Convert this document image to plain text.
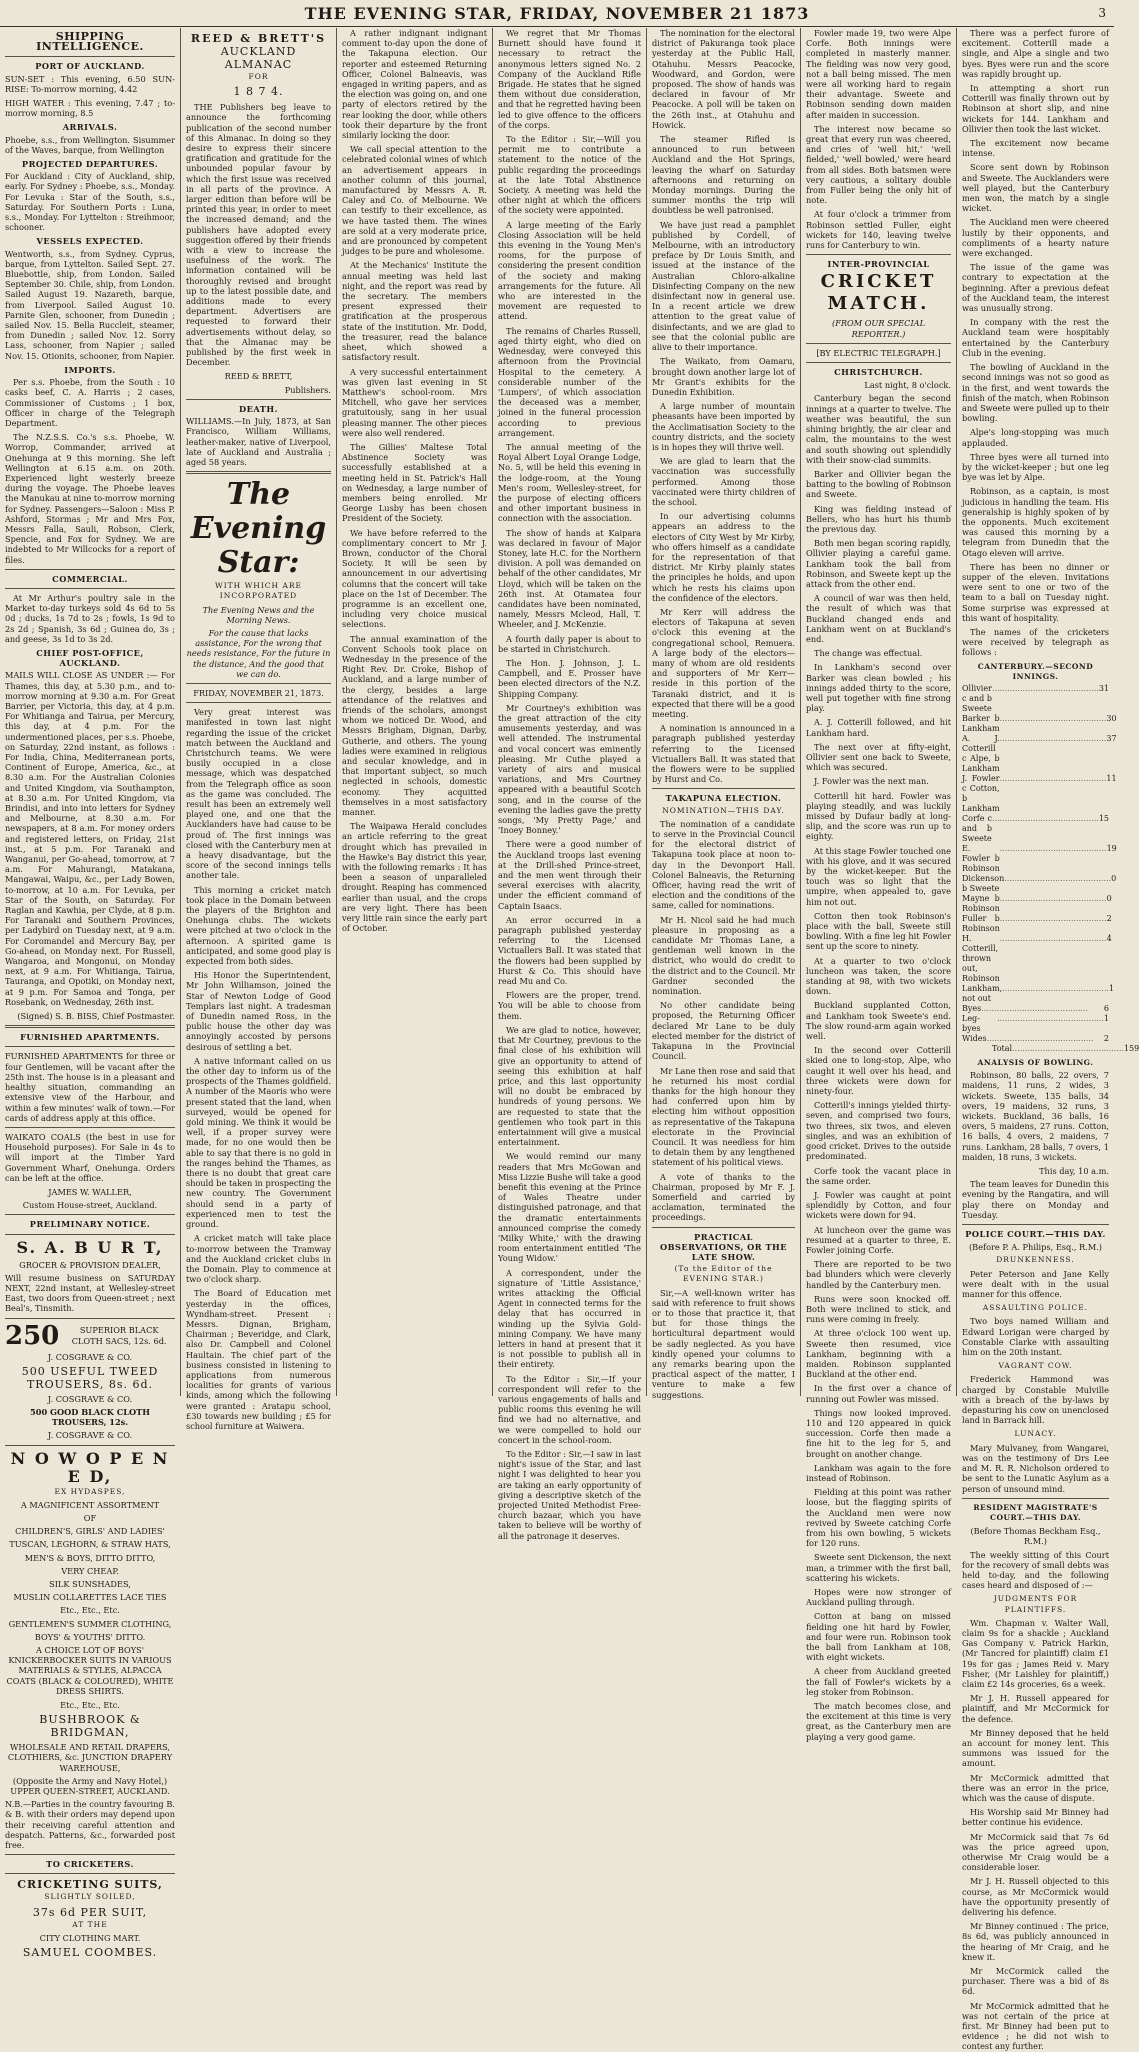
THE EVENING STAR, FRIDAY, NOVEMBER 21 1873	3
SHIPPING INTELLIGENCE.
PORT OF AUCKLAND.

SUN-SET : This evening, 6.50 SUN-RISE: To-morrow morning, 4.42

HIGH WATER : This evening, 7.47 ; to-morrow morning, 8.5

ARRIVALS.

Phoebe, s.s., from Wellington. Sisummer of the Waves, barque, from Wellington

PROJECTED DEPARTURES.

For Auckland : City of Auckland, ship, early. For Sydney : Phoebe, s.s., Monday. For Levuka : Star of the South, s.s., Saturday. For Southern Ports : Luna, s.s., Monday. For Lyttelton : Streihmoor, schooner.

VESSELS EXPECTED.

Wentworth, s.s., from Sydney. Cyprus, barque, from Lyttelton. Sailed Sept. 27. Bluebottle, ship, from London. Sailed September 30. Chile, ship, from London. Sailed August 19. Nazareth, barque, from Liverpool. Sailed August 10. Parnite Glen, schooner, from Dunedin ; sailed Nov. 15. Bella Ruccleit, steamer, from Dunedin ; sailed Nov. 12. Sorry Lass, schooner, from Napier ; sailed Nov. 15. Otionits, schooner, from Napier.

IMPORTS.

Per s.s. Phoebe, from the South : 10 casks beef, C. A. Harris ; 2 cases, Commissioner of Customs ; 1 box, Officer in charge of the Telegraph Department.

The N.Z.S.S. Co.'s s.s. Phoebe, W. Worrop, Commander, arrived at Onehunga at 9 this morning. She left Wellington at 6.15 a.m. on 20th. Experienced light westerly breeze during the voyage. The Phoebe leaves the Manukau at nine to-morrow morning for Sydney. Passengers—Saloon : Miss P. Ashford, Stormas ; Mr and Mrs Fox, Messrs Falla, Sauli, Robson, Clerk, Spencie, and Fox for Sydney. We are indebted to Mr Willcocks for a report of files.

COMMERCIAL.

At Mr Arthur's poultry sale in the Market to-day turkeys sold 4s 6d to 5s 0d ; ducks, 1s 7d to 2s ; fowls, 1s 9d to 2s 2d ; Spanish, 3s 6d ; Guinea do, 3s ; and geese, 3s 1d to 3s 2d.

CHIEF POST-OFFICE, AUCKLAND.

MAILS WILL CLOSE AS UNDER :— For Thames, this day, at 5.30 p.m., and to-morrow morning at 9.30 a.m. For Great Barrier, per Victoria, this day, at 4 p.m. For Whitianga and Tairua, per Mercury, this day, at 4 p.m. For the undermentioned places, per s.s. Phoebe, on Saturday, 22nd instant, as follows : For India, China, Mediterranean ports, Continent of Europe, America, &c., at 8.30 a.m. For the Australian Colonies and United Kingdom, via Southampton, at 8.30 a.m. For United Kingdom, via Brindisi, and into into letters for Sydney and Melbourne, at 8.30 a.m. For newspapers, at 8 a.m. For money orders and registered letters, on Friday, 21st inst., at 5 p.m. For Taranaki and Wanganui, per Go-ahead, tomorrow, at 7 a.m. For Mahurangi, Matakana, Mangawai, Waipu, &c., per Lady Bowen, to-morrow, at 10 a.m. For Levuka, per Star of the South, on Saturday. For Raglan and Kawhia, per Clyde, at 8 p.m. For Taranaki and Southern Provinces, per Ladybird on Tuesday next, at 9 a.m. For Coromandel and Mercury Bay, per Go-ahead, on Monday next. For Russell, Wangaroa, and Mongonui, on Monday next, at 9 a.m. For Whitianga, Tairua, Tauranga, and Opotiki, on Monday next, at 9 p.m. For Samoa and Tonga, per Rosebank, on Wednesday, 26th inst.

(Signed) S. B. BISS, Chief Postmaster.

FURNISHED APARTMENTS.

FURNISHED APARTMENTS for three or four Gentlemen, will be vacant after the 25th inst. The house is in a pleasant and healthy situation, commanding an extensive view of the Harbour, and within a few minutes' walk of town.—For cards of address apply at this office.

WAIKATO COALS (the best in use for Household purposes). For Sale in 4s to will import at the Timber Yard Government Wharf, Onehunga. Orders can be left at the office.

JAMES W. WALLER,
Custom House-street, Auckland.
PRELIMINARY NOTICE.
S. A. B U R T,
GROCER & PROVISION DEALER,

Will resume business on SATURDAY NEXT, 22nd instant, at Wellesley-street East, two doors from Queen-street ; next Beal's, Tinsmith.

250	SUPERIOR BLACK CLOTH SACS, 12s. 6d.
J. COSGRAVE & CO.
500 USEFUL TWEED TROUSERS, 8s. 6d.
J. COSGRAVE & CO.
500 GOOD BLACK CLOTH TROUSERS, 12s.
J. COSGRAVE & CO.
N O W O P E N E D,
EX HYDASPES,
A MAGNIFICENT ASSORTMENT
OF
CHILDREN'S, GIRLS' AND LADIES'
TUSCAN, LEGHORN, & STRAW HATS,
MEN'S & BOYS, DITTO DITTO,
VERY CHEAP.
SILK SUNSHADES,
MUSLIN COLLARETTES LACE TIES
Etc., Etc., Etc.
GENTLEMEN'S SUMMER CLOTHING,
BOYS' & YOUTHS' DITTO.

A CHOICE LOT OF BOYS' KNICKERBOCKER SUITS IN VARIOUS MATERIALS & STYLES, ALPACCA COATS (BLACK & COLOURED), WHITE DRESS SHIRTS.

Etc., Etc., Etc.
BUSHBROOK & BRIDGMAN,
WHOLESALE AND RETAIL DRAPERS, CLOTHIERS, &c. JUNCTION DRAPERY WAREHOUSE,
(Opposite the Army and Navy Hotel,) UPPER QUEEN-STREET, AUCKLAND.

N.B.—Parties in the country favouring B. & B. with their orders may depend upon their receiving careful attention and despatch. Patterns, &c., forwarded post free.

TO CRICKETERS.
CRICKETING SUITS,
SLIGHTLY SOILED,
37s 6d PER SUIT,
AT THE
CITY CLOTHING MART.
SAMUEL COOMBES.
REED & BRETT'S
AUCKLAND ALMANAC
FOR
1 8 7 4.

THE Publishers beg leave to announce the forthcoming publication of the second number of this Almanac. In doing so they desire to express their sincere gratification and gratitude for the unbounded popular favour by which the first issue was received in all parts of the province. A larger edition than before will be printed this year, in order to meet the increased demand; and the publishers have adopted every suggestion offered by their friends with a view to increase the usefulness of the work. The information contained will be thoroughly revised and brought up to the latest possible date, and additions made to every department. Advertisers are requested to forward their advertisements without delay, so that the Almanac may be published by the first week in December.

REED & BRETT,
Publishers.
DEATH.

WILLIAMS.—In July, 1873, at San Francisco, William Williams, leather-maker, native of Liverpool, late of Auckland and Australia ; aged 58 years.

The Evening Star:
WITH WHICH ARE INCORPORATED
The Evening News and the Morning News.

For the cause that lacks assistance, For the wrong that needs resistance, For the future in the distance, And the good that we can do.

FRIDAY, NOVEMBER 21, 1873.

Very great interest was manifested in town last night regarding the issue of the cricket match between the Auckland and Christchurch teams. We were busily occupied in a close message, which was despatched from the Telegraph office as soon as the game was concluded. The result has been an extremely well played one, and one that the Aucklanders have had cause to be proud of. The first innings was closed with the Canterbury men at a heavy disadvantage, but the score of the second innings tells another tale.

This morning a cricket match took place in the Domain between the players of the Brighton and Onehunga clubs. The wickets were pitched at two o'clock in the afternoon. A spirited game is anticipated, and some good play is expected from both sides.

His Honor the Superintendent, Mr John Williamson, joined the Star of Newton Lodge of Good Templars last night. A tradesman of Dunedin named Ross, in the public house the other day was annoyingly accosted by persons desirous of settling a bet.

A native informant called on us the other day to inform us of the prospects of the Thames goldfield. A number of the Maoris who were present stated that the land, when surveyed, would be opened for gold mining. We think it would be well, if a proper survey were made, for no one would then be able to say that there is no gold in the ranges behind the Thames, as there is no doubt that great care should be taken in prospecting the new country. The Government should send in a party of experienced men to test the ground.

A cricket match will take place to-morrow between the Tramway and the Auckland cricket clubs in the Domain. Play to commence at two o'clock sharp.

The Board of Education met yesterday in the offices, Wyndham-street. Present : Messrs. Dignan, Brigham, Chairman ; Beveridge, and Clark, also Dr. Campbell and Colonel Haultain. The chief part of the business consisted in listening to applications from numerous localities for grants of various kinds, among which the following were granted : Aratapu school, £30 towards new building ; £5 for school furniture at Waiwera.

A rather indignant indignant comment to-day upon the done of the Takapuna election. Our reporter and esteemed Returning Officer, Colonel Balneavis, was engaged in writing papers, and as the election was going on, and one party of electors retired by the rear looking the door, while others took their departure by the front similarly locking the door.

We call special attention to the celebrated colonial wines of which an advertisement appears in another column of this journal, manufactured by Messrs A. R. Caley and Co. of Melbourne. We can testify to their excellence, as we have tasted them. The wines are sold at a very moderate price, and are pronounced by competent judges to be pure and wholesome.

At the Mechanics' Institute the annual meeting was held last night, and the report was read by the secretary. The members present expressed their gratification at the prosperous state of the institution. Mr. Dodd, the treasurer, read the balance sheet, which showed a satisfactory result.

A very successful entertainment was given last evening in St Matthew's school-room. Mrs Mitchell, who gave her services gratuitously, sang in her usual pleasing manner. The other pieces were also well rendered.

The Gillies' Maltese Total Abstinence Society was successfully established at a meeting held in St. Patrick's Hall on Wednesday, a large number of members being enrolled. Mr George Lusby has been chosen President of the Society.

We have before referred to the complimentary concert to Mr J. Brown, conductor of the Choral Society. It will be seen by announcement in our advertising columns that the concert will take place on the 1st of December. The programme is an excellent one, including very choice musical selections.

The annual examination of the Convent Schools took place on Wednesday in the presence of the Right Rev. Dr. Croke, Bishop of Auckland, and a large number of the clergy, besides a large attendance of the relatives and friends of the scholars, amongst whom we noticed Dr. Wood, and Messrs Brigham, Dignan, Darby, Gutherie, and others. The young ladies were examined in religious and secular knowledge, and in that important subject, so much neglected in schools, domestic economy. They acquitted themselves in a most satisfactory manner.

The Waipawa Herald concludes an article referring to the great drought which has prevailed in the Hawke's Bay district this year, with the following remarks : It has been a season of unparalleled drought. Reaping has commenced earlier than usual, and the crops are very light. There has been very little rain since the early part of October.

We regret that Mr Thomas Burnett should have found it necessary to retract the anonymous letters signed No. 2 Company of the Auckland Rifle Brigade. He states that he signed them without due consideration, and that he regretted having been led to give offence to the officers of the corps.

To the Editor : Sir,—Will you permit me to contribute a statement to the notice of the public regarding the proceedings at the late Total Abstinence Society. A meeting was held the other night at which the officers of the society were appointed.

A large meeting of the Early Closing Association will be held this evening in the Young Men's rooms, for the purpose of considering the present condition of the society and making arrangements for the future. All who are interested in the movement are requested to attend.

The remains of Charles Russell, aged thirty eight, who died on Wednesday, were conveyed this afternoon from the Provincial Hospital to the cemetery. A considerable number of the 'Lumpers', of which association the deceased was a member, joined in the funeral procession according to previous arrangement.

The annual meeting of the Royal Albert Loyal Orange Lodge, No. 5, will be held this evening in the lodge-room, at the Young Men's room, Wellesley-street, for the purpose of electing officers and other important business in connection with the association.

The show of hands at Kaipara was declared in favour of Major Stoney, late H.C. for the Northern division. A poll was demanded on behalf of the other candidates, Mr Lloyd, which will be taken on the 26th inst. At Otamatea four candidates have been nominated, namely, Messrs Mcleod, Hall, T. Wheeler, and J. McKenzie.

A fourth daily paper is about to be started in Christchurch.

The Hon. J. Johnson, J. L. Campbell, and E. Prosser have been elected directors of the N.Z. Shipping Company.

Mr Courtney's exhibition was the great attraction of the city amusements yesterday, and was well attended. The instrumental and vocal concert was eminently pleasing. Mr Cuthe played a variety of airs and musical variations, and Mrs Courtney appeared with a beautiful Scotch song, and in the course of the evening the ladies gave the pretty songs, 'My Pretty Page,' and 'Inoey Bonney.'

There were a good number of the Auckland troops last evening at the Drill-shed Prince-street, and the men went through their several exercises with alacrity, under the efficient command of Captain Isaacs.

An error occurred in a paragraph published yesterday referring to the Licensed Victuallers Ball. It was stated that the flowers had been supplied by Hurst & Co. This should have read Mu and Co.

Flowers are the proper, trend. You will be able to choose from them.

We are glad to notice, however, that Mr Courtney, previous to the final close of his exhibition will give an opportunity to attend of seeing this exhibition at half price, and this last opportunity will no doubt be embraced by hundreds of young persons. We are requested to state that the gentlemen who took part in this entertainment will give a musical entertainment.

We would remind our many readers that Mrs McGowan and Miss Lizzie Bushe will take a good benefit this evening at the Prince of Wales Theatre under distinguished patronage, and that the dramatic entertainments announced comprise the comedy 'Milky White,' with the drawing room entertainment entitled 'The Young Widow.'

A correspondent, under the signature of 'Little Assistance,' writes attacking the Official Agent in connected terms for the delay that has occurred in winding up the Sylvia Gold-mining Company. We have many letters in hand at present that it is not possible to publish all in their entirety.

To the Editor : Sir,—If your correspondent will refer to the various engagements of halls and public rooms this evening he will find we had no alternative, and we were compelled to hold our concert in the school-room.

To the Editor : Sir,—I saw in last night's issue of the Star, and last night I was delighted to hear you are taking an early opportunity of giving a descriptive sketch of the projected United Methodist Free-church bazaar, which you have taken to believe will be worthy of all the patronage it deserves.

The nomination for the electoral district of Pakuranga took place yesterday at the Public Hall, Otahuhu. Messrs Peacocke, Woodward, and Gordon, were proposed. The show of hands was declared in favour of Mr Peacocke. A poll will be taken on the 26th inst., at Otahuhu and Howick.

The steamer Rifled is announced to run between Auckland and the Hot Springs, leaving the wharf on Saturday afternoons and returning on Monday mornings. During the summer months the trip will doubtless be well patronised.

We have just read a pamphlet published by Cordell, of Melbourne, with an introductory preface by Dr Louis Smith, and issued at the instance of the Australian Chloro-alkaline Disinfecting Company on the new disinfectant now in general use. In a recent article we drew attention to the great value of disinfectants, and we are glad to see that the colonial public are alive to their importance.

The Waikato, from Oamaru, brought down another large lot of Mr Grant's exhibits for the Dunedin Exhibition.

A large number of mountain pheasants have been imported by the Acclimatisation Society to the country districts, and the society is in hopes they will thrive well.

We are glad to learn that the vaccination was successfully performed. Among those vaccinated were thirty children of the school.

In our advertising columns appears an address to the electors of City West by Mr Kirby, who offers himself as a candidate for the representation of that district. Mr Kirby plainly states the principles he holds, and upon which he rests his claims upon the confidence of the electors.

Mr Kerr will address the electors of Takapuna at seven o'clock this evening at the congregational school, Remuera. A large body of the electors—many of whom are old residents and supporters of Mr Kerr—reside in this portion of the Taranaki district, and it is expected that there will be a good meeting.

A nomination is announced in a paragraph published yesterday referring to the Licensed Victuallers Ball. It was stated that the flowers were to be supplied by Hurst and Co.

TAKAPUNA ELECTION.
NOMINATION—THIS DAY.

The nomination of a candidate to serve in the Provincial Council for the electoral district of Takapuna took place at noon to-day in the Devonport Hall. Colonel Balneavis, the Returning Officer, having read the writ of election and the conditions of the same, called for nominations.

Mr H. Nicol said he had much pleasure in proposing as a candidate Mr Thomas Lane, a gentleman well known in the district, who would do credit to the district and to the Council. Mr Gardner seconded the nomination.

No other candidate being proposed, the Returning Officer declared Mr Lane to be duly elected member for the district of Takapuna in the Provincial Council.

Mr Lane then rose and said that he returned his most cordial thanks for the high honour they had conferred upon him by electing him without opposition as representative of the Takapuna electorate in the Provincial Council. It was needless for him to detain them by any lengthened statement of his political views.

A vote of thanks to the Chairman, proposed by Mr F. J. Somerfield and carried by acclamation, terminated the proceedings.

PRACTICAL OBSERVATIONS, OR THE LATE SHOW.
(To the Editor of the EVENING STAR.)

Sir,—A well-known writer has said with reference to fruit shows or to those that practice it, that but for those things the horticultural department would be sadly neglected. As you have kindly opened your columns to any remarks bearing upon the practical aspect of the matter, I venture to make a few suggestions.

Fowler made 19, two were Alpe Corfe. Both innings were completed in masterly manner. The fielding was now very good, not a ball being missed. The men were all working hard to regain their advantage. Sweete and Robinson sending down maiden after maiden in succession.

The interest now became so great that every run was cheered, and cries of 'well hit,' 'well fielded,' 'well bowled,' were heard from all sides. Both batsmen were very cautious, a solitary double from Fuller being the only hit of note.

At four o'clock a trimmer from Robinson settled Fuller, eight wickets for 140, leaving twelve runs for Canterbury to win.

INTER-PROVINCIAL
CRICKET MATCH.
(FROM OUR SPECIAL REPORTER.)
[BY ELECTRIC TELEGRAPH.]
CHRISTCHURCH.
Last night, 8 o'clock.

Canterbury began the second innings at a quarter to twelve. The weather was beautiful, the sun shining brightly, the air clear and calm, the mountains to the west and south showing out splendidly with their snow-clad summits.

Barker and Ollivier began the batting to the bowling of Robinson and Sweete.

King was fielding instead of Bellers, who has hurt his thumb the previous day.

Both men began scoring rapidly, Ollivier playing a careful game. Lankham took the ball from Robinson, and Sweete kept up the attack from the other end.

A council of war was then held, the result of which was that Buckland changed ends and Lankham went on at Buckland's end.

The change was effectual.

In Lankham's second over Barker was clean bowled ; his innings added thirty to the score, well put together with fine strong play.

A. J. Cotterill followed, and hit Lankham hard.

The next over at fifty-eight, Ollivier sent one back to Sweete, which was secured.

J. Fowler was the next man.

Cotterill hit hard. Fowler was playing steadily, and was luckily missed by Dufaur badly at long-slip, and the score was run up to eighty.

At this stage Fowler touched one with his glove, and it was secured by the wicket-keeper. But the touch was so light that the umpire, when appealed to, gave him not out.

Cotton then took Robinson's place with the ball, Sweete still bowling. With a fine leg hit Fowler sent up the score to ninety.

At a quarter to two o'clock luncheon was taken, the score standing at 98, with two wickets down.

Buckland supplanted Cotton, and Lankham took Sweete's end. The slow round-arm again worked well.

In the second over Cotterill skied one to long-stop, Alpe, who caught it well over his head, and three wickets were down for ninety-four.

Cotterill's innings yielded thirty-seven, and comprised two fours, two threes, six twos, and eleven singles, and was an exhibition of good cricket. Drives to the outside predominated.

Corfe took the vacant place in the same order.

J. Fowler was caught at point splendidly by Cotton, and four wickets were down for 94.

At luncheon over the game was resumed at a quarter to three, E. Fowler joining Corfe.

There are reported to be two bad blunders which were cleverly handled by the Canterbury men.

Runs were soon knocked off. Both were inclined to stick, and runs were coming in freely.

At three o'clock 100 went up. Sweete then resumed, vice Lankham, beginning with a maiden. Robinson supplanted Buckland at the other end.

In the first over a chance of running out Fowler was missed.

Things now looked improved. 110 and 120 appeared in quick succession. Corfe then made a fine hit to the leg for 5, and brought on another change.

Lankham was again to the fore instead of Robinson.

Fielding at this point was rather loose, but the flagging spirits of the Auckland men were now revived by Sweete catching Corfe from his own bowling, 5 wickets for 120 runs.

Sweete sent Dickenson, the next man, a trimmer with the first ball, scattering his wickets.

Hopes were now stronger of Auckland pulling through.

Cotton at bang on missed fielding one hit hard by Fowler, and four were run. Robinson took the ball from Lankham at 108, with eight wickets.

A cheer from Auckland greeted the fall of Fowler's wickets by a leg stoker from Robinson.

The match becomes close, and the excitement at this time is very great, as the Canterbury men are playing a very good game.

There was a perfect furore of excitement. Cotterill made a single, and Alpe a single and two byes. Byes were run and the score was rapidly brought up.

In attempting a short run Cotterill was finally thrown out by Robinson at short slip, and nine wickets for 144. Lankham and Ollivier then took the last wicket.

The excitement now became intense.

Score sent down by Robinson and Sweete. The Aucklanders were well played, but the Canterbury men won, the match by a single wicket.

The Auckland men were cheered lustily by their opponents, and compliments of a hearty nature were exchanged.

The issue of the game was contrary to expectation at the beginning. After a previous defeat of the Auckland team, the interest was unusually strong.

In company with the rest the Auckland team were hospitably entertained by the Canterbury Club in the evening.

The bowling of Auckland in the second innings was not so good as in the first, and went towards the finish of the match, when Robinson and Sweete were pulled up to their bowling.

Alpe's long-stopping was much applauded.

Three byes were all turned into by the wicket-keeper ; but one leg bye was let by Alpe.

Robinson, as a captain, is most judicious in handling the team. His generalship is highly spoken of by the opponents. Much excitement was caused this morning by a telegram from Dunedin that the Otago eleven will arrive.

There has been no dinner or supper of the eleven. Invitations were sent to one or two of the team to a ball on Tuesday night. Some surprise was expressed at this want of hospitality.

The names of the cricketers were received by telegraph as follows :

CANTERBURY.—SECOND INNINGS.
Ollivier c and b Sweete
.......................................... 31
Barker b Lankham
.......................................... 30
A. J. Cotterill c Alpe, b Lankham
.......................................... 37
J. Fowler c Cotton, b Lankham
.......................................... 11
Corfe c and b Sweete
.......................................... 15
E. Fowler b Robinson
.......................................... 19
Dickenson b Sweete
.......................................... 0
Mayne b Robinson
.......................................... 0
Fuller b Robinson
.......................................... 2
H. Cotterill, thrown out, Robinson
.......................................... 4
Lankham, not out
.......................................... 1
Byes ..........................................	6
Leg-byes
.......................................... 1
Wides ..........................................	2
Total ............................................ 159
ANALYSIS OF BOWLING.

Robinson, 80 balls, 22 overs, 7 maidens, 11 runs, 2 wides, 3 wickets. Sweete, 135 balls, 34 overs, 19 maidens, 32 runs, 3 wickets. Buckland, 36 balls, 16 overs, 5 maidens, 27 runs. Cotton, 16 balls, 4 overs, 2 maidens, 7 runs. Lankham, 28 balls, 7 overs, 1 maiden, 18 runs, 3 wickets.

This day, 10 a.m.

The team leaves for Dunedin this evening by the Rangatira, and will play there on Monday and Tuesday.

POLICE COURT.—THIS DAY.
(Before P. A. Philips, Esq., R.M.)
DRUNKENNESS.

Peter Peterson and Jane Kelly were dealt with in the usual manner for this offence.

ASSAULTING POLICE.

Two boys named William and Edward Lorigan were charged by Constable Clarke with assaulting him on the 20th instant.

VAGRANT COW.

Frederick Hammond was charged by Constable Mulville with a breach of the by-laws by depasturing his cow on unenclosed land in Barrack hill.

LUNACY.

Mary Mulvaney, from Wangarei, was on the testimony of Drs Lee and M. R. R. Nicholson ordered to be sent to the Lunatic Asylum as a person of unsound mind.

RESIDENT MAGISTRATE'S COURT.—THIS DAY.
(Before Thomas Beckham Esq., R.M.)

The weekly sitting of this Court for the recovery of small debts was held to-day, and the following cases heard and disposed of :—

JUDGMENTS FOR PLAINTIFFS.

Wm. Chapman v. Walter Wall, claim 9s for a shackle ; Auckland Gas Company v. Patrick Harkin, (Mr Tancred for plaintiff) claim £1 19s for gas ; James Reid v. Mary Fisher, (Mr Laishley for plaintiff,) claim £2 14s groceries, 6s a week.

Mr J. H. Russell appeared for plaintiff, and Mr McCormick for the defence.

Mr Binney deposed that he held an account for money lent. This summons was issued for the amount.

Mr McCormick admitted that there was an error in the price, which was the cause of dispute.

His Worship said Mr Binney had better continue his evidence.

Mr McCormick said that 7s 6d was the price agreed upon, otherwise Mr Craig would be a considerable loser.

Mr J. H. Russell objected to this course, as Mr McCormick would have the opportunity presently of delivering his defence.

Mr Binney continued : The price, 8s 6d, was publicly announced in the hearing of Mr Craig, and he knew it.

Mr McCormick called the purchaser. There was a bid of 8s 6d.

Mr McCormick admitted that he was not certain of the price at first. Mr Binney had been put to evidence ; he did not wish to contest any further.
